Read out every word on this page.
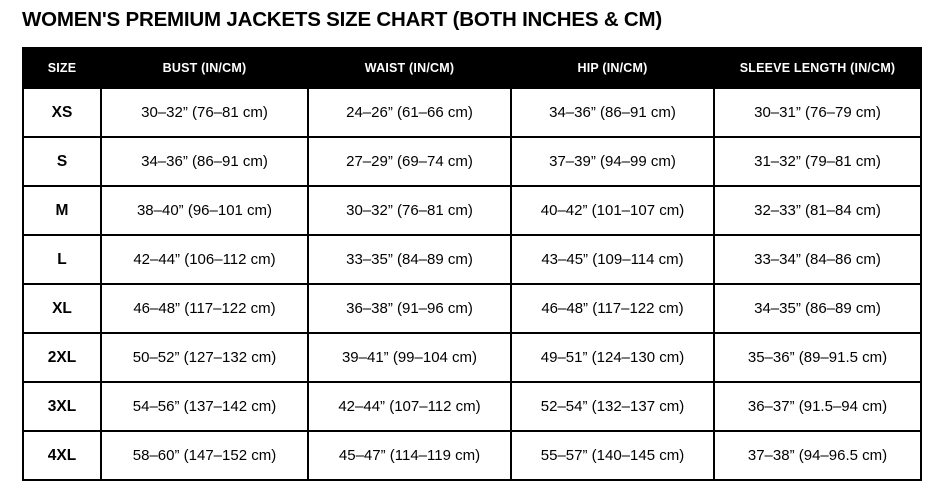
WOMEN'S PREMIUM JACKETS SIZE CHART (BOTH INCHES & CM)
SIZE	BUST (IN/CM)	WAIST (IN/CM)	HIP (IN/CM)	SLEEVE LENGTH (IN/CM)
XS	30–32” (76–81 cm)	24–26” (61–66 cm)	34–36” (86–91 cm)	30–31” (76–79 cm)
S	34–36” (86–91 cm)	27–29” (69–74 cm)	37–39” (94–99 cm)	31–32” (79–81 cm)
M	38–40” (96–101 cm)	30–32” (76–81 cm)	40–42” (101–107 cm)	32–33” (81–84 cm)
L	42–44” (106–112 cm)	33–35” (84–89 cm)	43–45” (109–114 cm)	33–34” (84–86 cm)
XL	46–48” (117–122 cm)	36–38” (91–96 cm)	46–48” (117–122 cm)	34–35” (86–89 cm)
2XL	50–52” (127–132 cm)	39–41” (99–104 cm)	49–51” (124–130 cm)	35–36” (89–91.5 cm)
3XL	54–56” (137–142 cm)	42–44” (107–112 cm)	52–54” (132–137 cm)	36–37” (91.5–94 cm)
4XL	58–60” (147–152 cm)	45–47” (114–119 cm)	55–57” (140–145 cm)	37–38” (94–96.5 cm)
